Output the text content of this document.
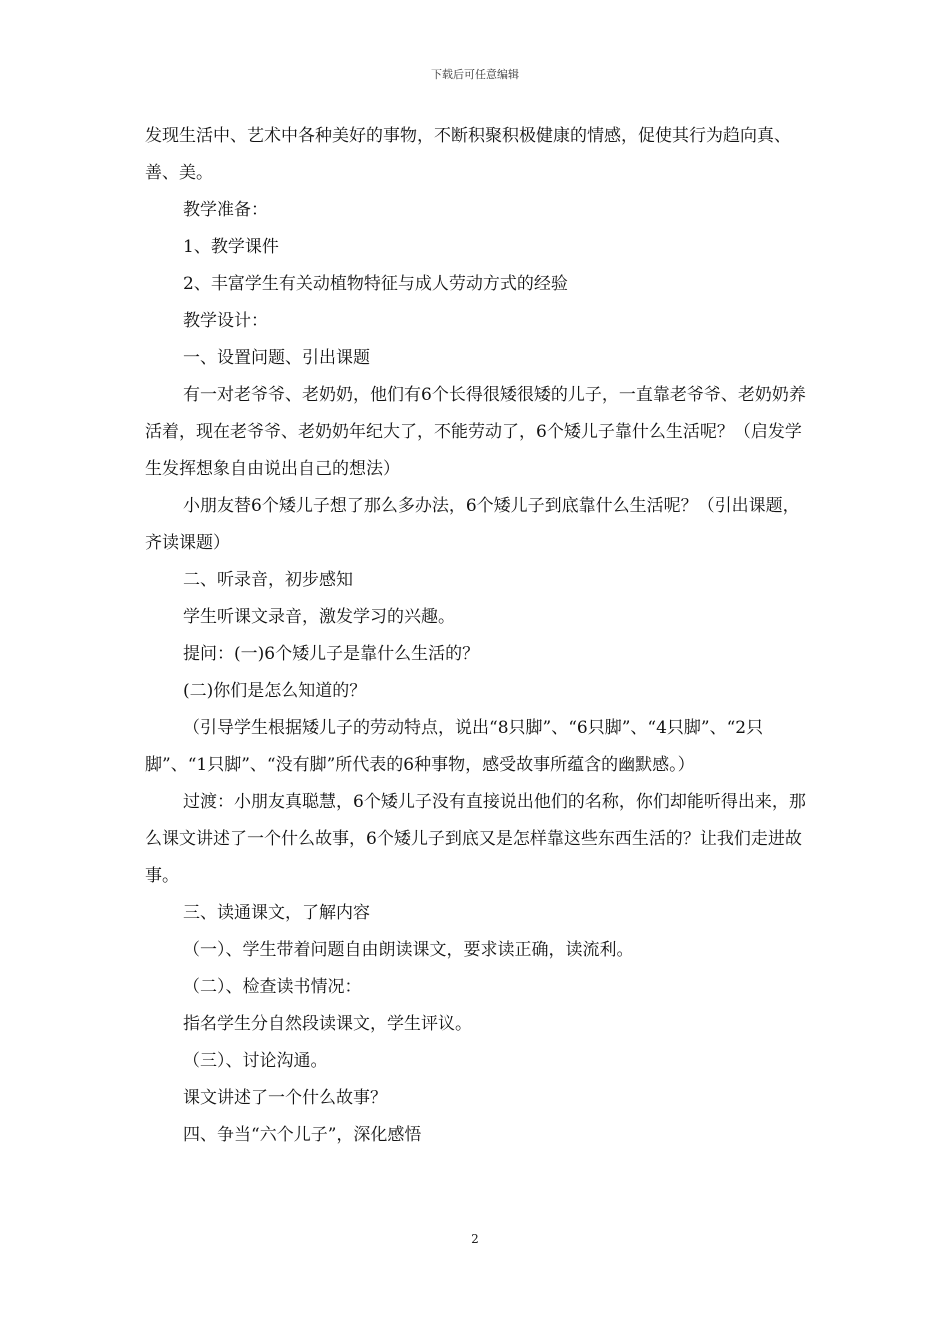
下载后可任意编辑

发现生活中、艺术中各种美好的事物，不断积聚积极健康的情感，促使其行为趋向真、善、美。

教学准备：

1、教学课件

2、丰富学生有关动植物特征与成人劳动方式的经验

教学设计：

一、设置问题、引出课题

有一对老爷爷、老奶奶，他们有6个长得很矮很矮的儿子，一直靠老爷爷、老奶奶养活着，现在老爷爷、老奶奶年纪大了，不能劳动了，6个矮儿子靠什么生活呢？（启发学生发挥想象自由说出自己的想法）

小朋友替6个矮儿子想了那么多办法，6个矮儿子到底靠什么生活呢？（引出课题，齐读课题）

二、听录音，初步感知

学生听课文录音，激发学习的兴趣。

提问：(一)6个矮儿子是靠什么生活的？

(二)你们是怎么知道的？

（引导学生根据矮儿子的劳动特点，说出“8只脚”、“6只脚”、“4只脚”、“2只脚”、“1只脚”、“没有脚”所代表的6种事物，感受故事所蕴含的幽默感。）

过渡：小朋友真聪慧，6个矮儿子没有直接说出他们的名称，你们却能听得出来，那么课文讲述了一个什么故事，6个矮儿子到底又是怎样靠这些东西生活的？让我们走进故事。

三、读通课文，了解内容

（一）、学生带着问题自由朗读课文，要求读正确，读流利。

（二）、检查读书情况：

指名学生分自然段读课文，学生评议。

（三）、讨论沟通。

课文讲述了一个什么故事？

四、争当“六个儿子”，深化感悟

2
